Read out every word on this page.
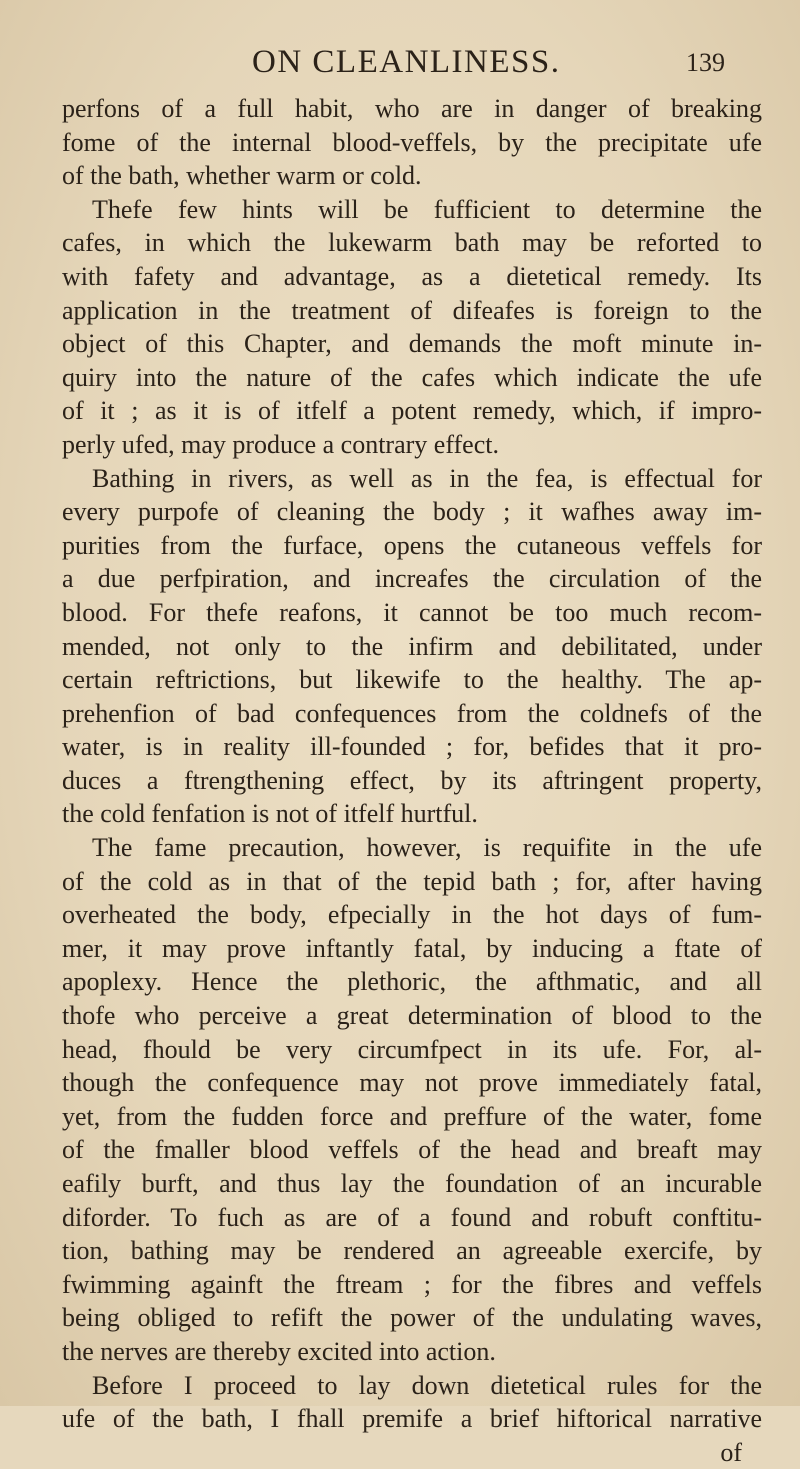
ON CLEANLINESS.	139
perfons of a full habit, who are in danger of breaking
fome of the internal blood-veffels, by the precipitate ufe
of the bath, whether warm or cold.
Thefe few hints will be fufficient to determine the
cafes, in which the lukewarm bath may be reforted to
with fafety and advantage, as a dietetical remedy. Its
application in the treatment of difeafes is foreign to the
object of this Chapter, and demands the moft minute in-
quiry into the nature of the cafes which indicate the ufe
of it ; as it is of itfelf a potent remedy, which, if impro-
perly ufed, may produce a contrary effect.
Bathing in rivers, as well as in the fea, is effectual for
every purpofe of cleaning the body ; it wafhes away im-
purities from the furface, opens the cutaneous veffels for
a due perfpiration, and increafes the circulation of the
blood. For thefe reafons, it cannot be too much recom-
mended, not only to the infirm and debilitated, under
certain reftrictions, but likewife to the healthy. The ap-
prehenfion of bad confequences from the coldnefs of the
water, is in reality ill-founded ; for, befides that it pro-
duces a ftrengthening effect, by its aftringent property,
the cold fenfation is not of itfelf hurtful.
The fame precaution, however, is requifite in the ufe
of the cold as in that of the tepid bath ; for, after having
overheated the body, efpecially in the hot days of fum-
mer, it may prove inftantly fatal, by inducing a ftate of
apoplexy. Hence the plethoric, the afthmatic, and all
thofe who perceive a great determination of blood to the
head, fhould be very circumfpect in its ufe. For, al-
though the confequence may not prove immediately fatal,
yet, from the fudden force and preffure of the water, fome
of the fmaller blood veffels of the head and breaft may
eafily burft, and thus lay the foundation of an incurable
diforder. To fuch as are of a found and robuft conftitu-
tion, bathing may be rendered an agreeable exercife, by
fwimming againft the ftream ; for the fibres and veffels
being obliged to refift the power of the undulating waves,
the nerves are thereby excited into action.
Before I proceed to lay down dietetical rules for the
ufe of the bath, I fhall premife a brief hiftorical narrative
of
